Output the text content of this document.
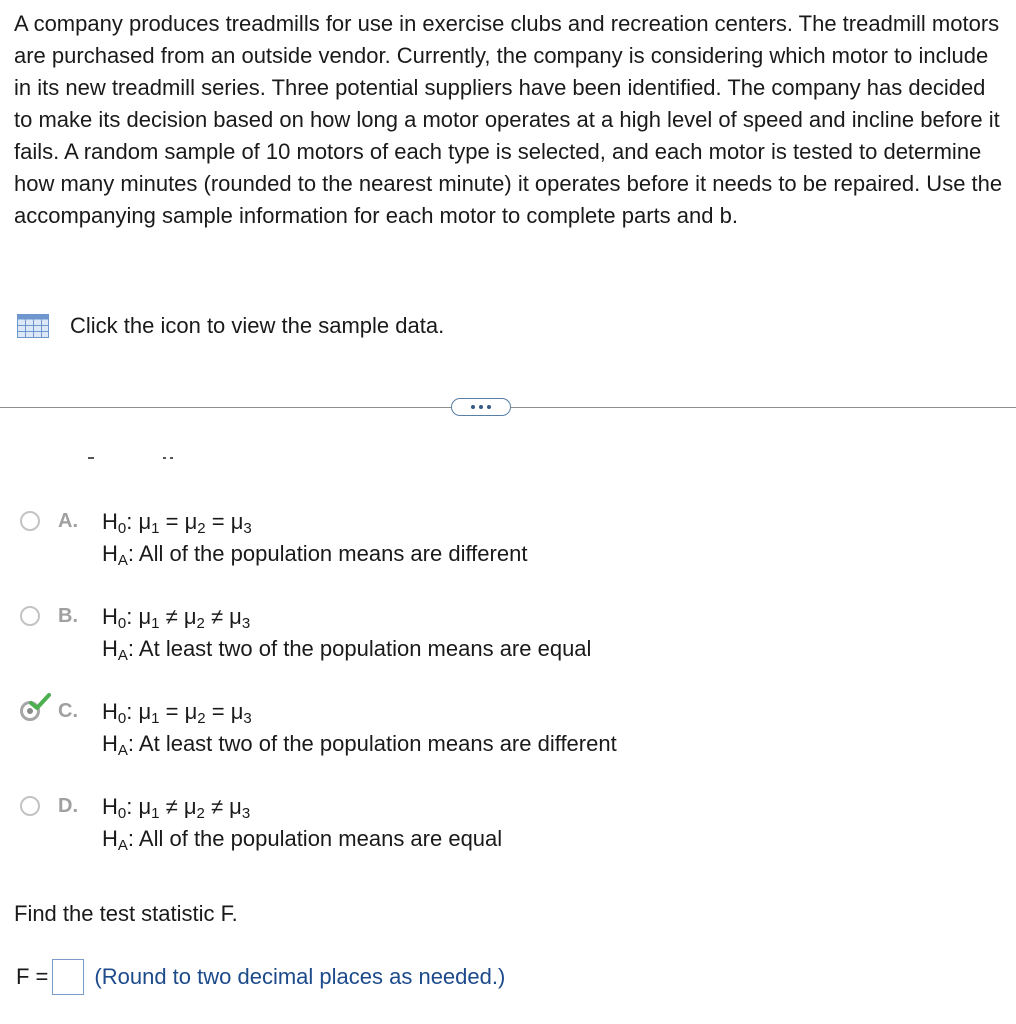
A company produces treadmills for use in exercise clubs and recreation centers. The treadmill motors are purchased from an outside vendor. Currently, the company is considering which motor to include in its new treadmill series. Three potential suppliers have been identified. The company has decided to make its decision based on how long a motor operates at a high level of speed and incline before it fails. A random sample of 10 motors of each type is selected, and each motor is tested to determine how many minutes (rounded to the nearest minute) it operates before it needs to be repaired. Use the accompanying sample information for each motor to complete parts and b.

Click the icon to view the sample data.
A. $H_0$: $\mu_1 = \mu_2 = \mu_3$
$H_A$: All of the population means are different
B. $H_0$: $\mu_1 \ne \mu_2 \ne \mu_3$
$H_A$: At least two of the population means are equal
C. $H_0$: $\mu_1 = \mu_2 = \mu_3$
$H_A$: At least two of the population means are different
D. $H_0$: $\mu_1 \ne \mu_2 \ne \mu_3$
$H_A$: All of the population means are equal
Find the test statistic F.
F = (Round to two decimal places as needed.)
